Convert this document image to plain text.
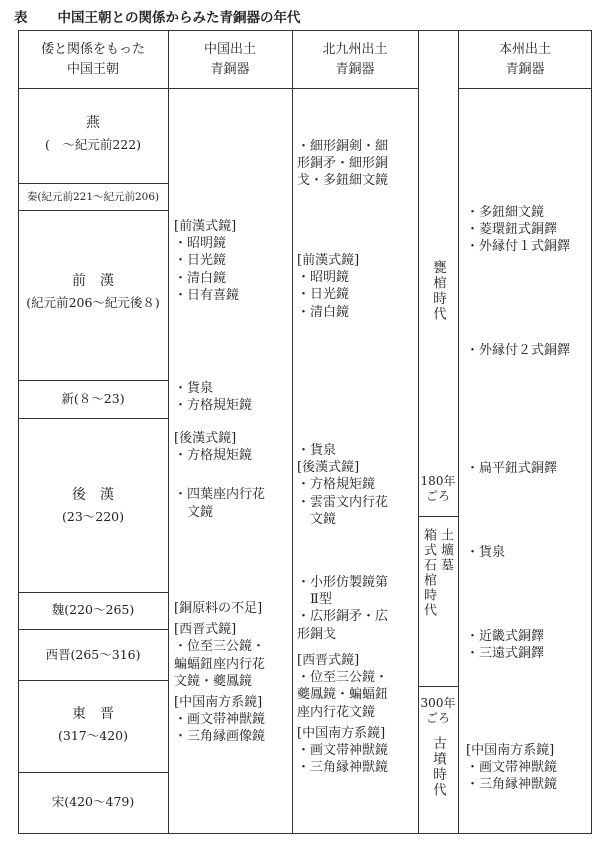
表 中国王朝との関係からみた青銅器の年代
倭と関係をもった
中国王朝
中国出土
青銅器
北九州出土
青銅器
本州出土
青銅器
燕
(　～紀元前222)
秦(紀元前221～紀元前206)
前　漢
(紀元前206～紀元後８)
新(８～23)
後　漢
(23～220)
魏(220～265)
西晋(265～316)
東　晋
(317～420)
宋(420～479)
[前漢式鏡]
・昭明鏡
・日光鏡
・清白鏡
・日有喜鏡
・貨泉
・方格規矩鏡
[後漢式鏡]
・方格規矩鏡
・四葉座内行花
　文鏡
[銅原料の不足]
[西晋式鏡]
・位至三公鏡・
蝙蝠鈕座内行花
文鏡・夔鳳鏡
[中国南方系鏡]
・画文帯神獣鏡
・三角縁画像鏡
・細形銅剣・細
形銅矛・細形銅
戈・多鈕細文鏡
[前漢式鏡]
・昭明鏡
・日光鏡
・清白鏡
・貨泉
[後漢式鏡]
・方格規矩鏡
・雲雷文内行花
　文鏡
・小形仿製鏡第
　Ⅱ型
・広形銅矛・広
形銅戈
[西晋式鏡]
・位至三公鏡・
夔鳳鏡・蝙蝠鈕
座内行花文鏡
[中国南方系鏡]
・画文帯神獣鏡
・三角縁神獣鏡
甕棺時代
180年
ごろ
土壙墓
箱式石棺時代
300年
ごろ
古墳時代
・多鈕細文鏡
・菱環鈕式銅鐸
・外縁付１式銅鐸
・外縁付２式銅鐸
・扁平鈕式銅鐸
・貨泉
・近畿式銅鐸
・三遠式銅鐸
[中国南方系鏡]
・画文帯神獣鏡
・三角縁神獣鏡
